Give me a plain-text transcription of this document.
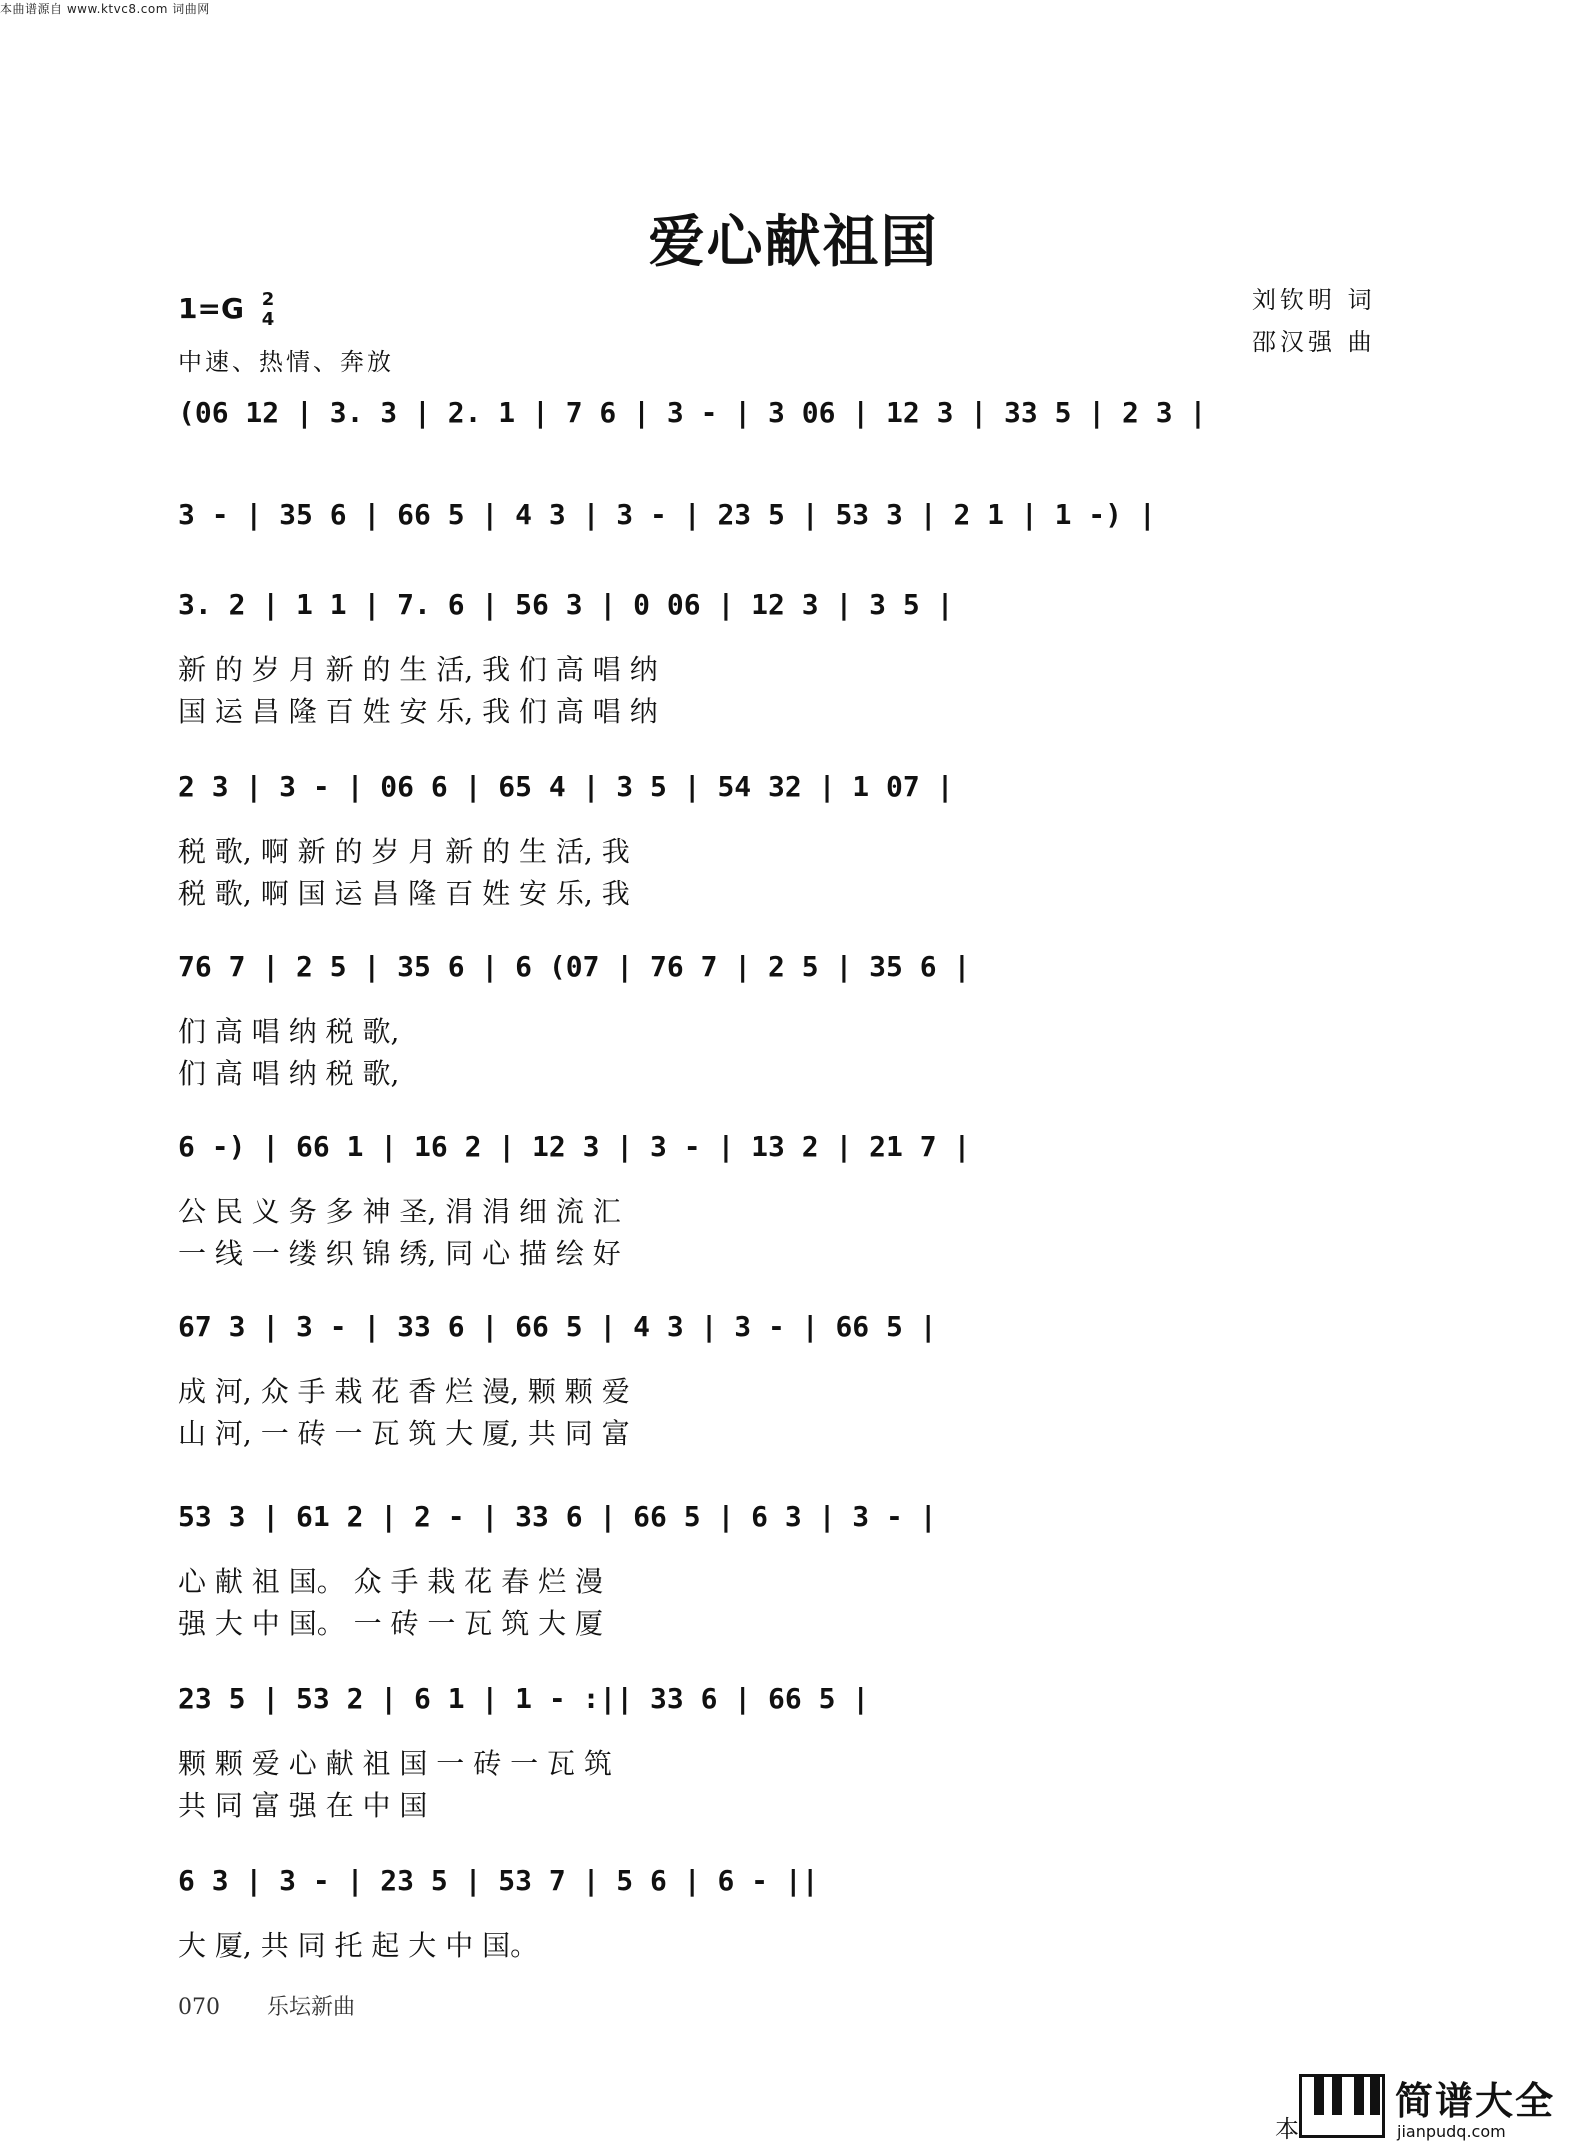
本曲谱源自 www.ktvc8.com 词曲网
爱心献祖国
1=G 2
4
中速、热情、奔放
刘钦明 词
邵汉强 曲
(06 12 | 3. 3 | 2. 1 | 7 6 | 3 - | 3 06 | 12 3 | 33 5 | 2 3 |
3 - | 35 6 | 66 5 | 4 3 | 3 - | 23 5 | 53 3 | 2 1 | 1 -) |
3. 2 | 1 1 | 7. 6 | 56 3 | 0 06 | 12 3 | 3 5 |
新 的 岁 月 新 的 生 活, 我 们 高 唱 纳
国 运 昌 隆 百 姓 安 乐, 我 们 高 唱 纳
2 3 | 3 - | 06 6 | 65 4 | 3 5 | 54 32 | 1 07 |
税 歌, 啊 新 的 岁 月 新 的 生 活, 我
税 歌, 啊 国 运 昌 隆 百 姓 安 乐, 我
76 7 | 2 5 | 35 6 | 6 (07 | 76 7 | 2 5 | 35 6 |
们 高 唱 纳 税 歌,
们 高 唱 纳 税 歌,
6 -) | 66 1 | 16 2 | 12 3 | 3 - | 13 2 | 21 7 |
公 民 义 务 多 神 圣, 涓 涓 细 流 汇
一 线 一 缕 织 锦 绣, 同 心 描 绘 好
67 3 | 3 - | 33 6 | 66 5 | 4 3 | 3 - | 66 5 |
成 河, 众 手 栽 花 香 烂 漫, 颗 颗 爱
山 河, 一 砖 一 瓦 筑 大 厦, 共 同 富
53 3 | 61 2 | 2 - | 33 6 | 66 5 | 6 3 | 3 - |
心 献 祖 国。 众 手 栽 花 春 烂 漫
强 大 中 国。 一 砖 一 瓦 筑 大 厦
23 5 | 53 2 | 6 1 | 1 - :|| 33 6 | 66 5 |
颗 颗 爱 心 献 祖 国 一 砖 一 瓦 筑
共 同 富 强 在 中 国
6 3 | 3 - | 23 5 | 53 7 | 5 6 | 6 - ||
大 厦, 共 同 托 起 大 中 国。
070 乐坛新曲
本
简谱大全
jianpudq.com
